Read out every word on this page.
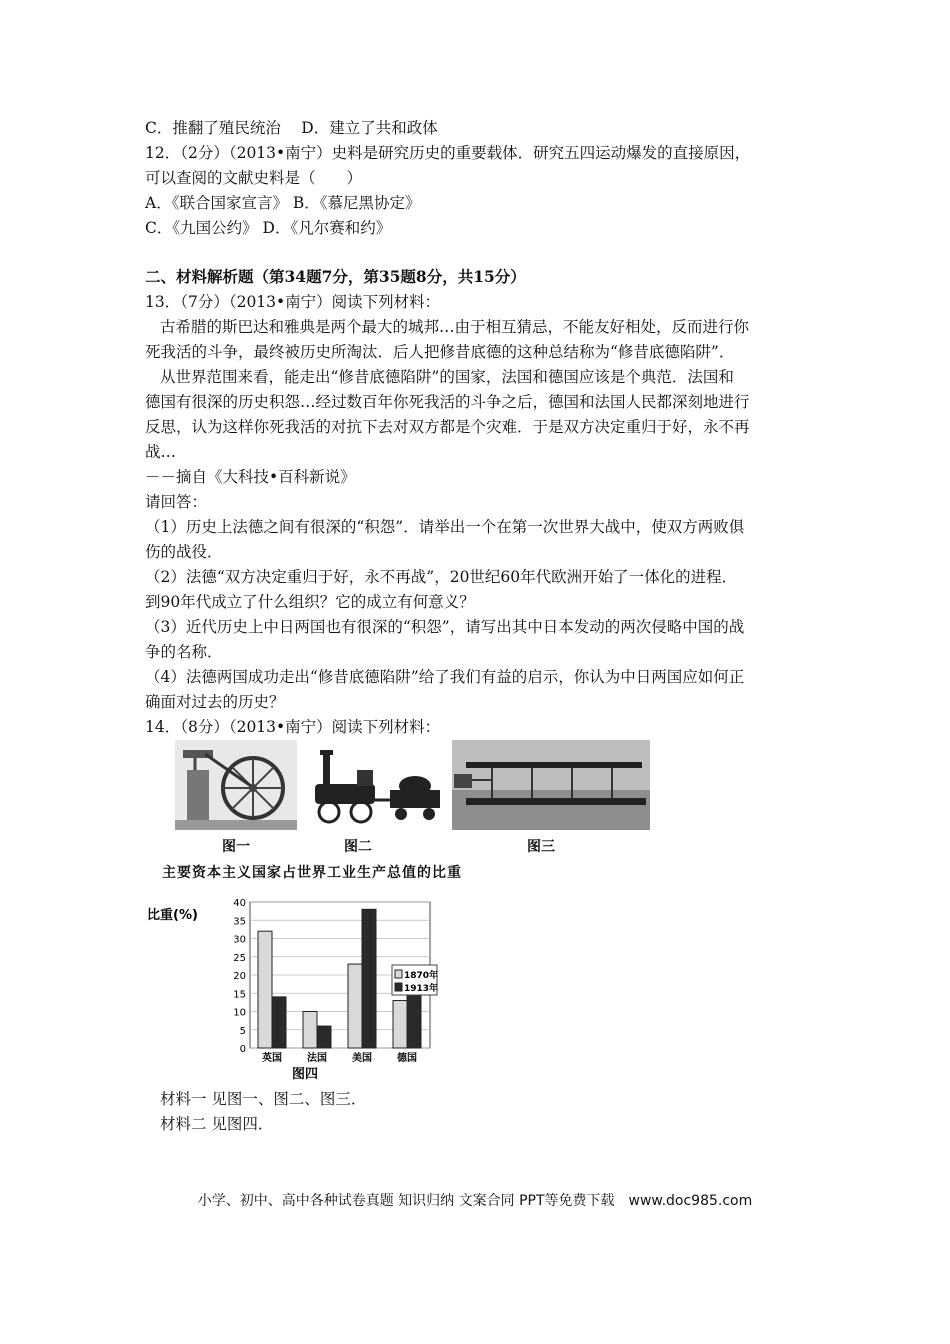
C．推翻了殖民统治　 D．建立了共和政体
12．（2分）（2013•南宁）史料是研究历史的重要载体．研究五四运动爆发的直接原因，
可以查阅的文献史料是（　　）
A．《联合国家宣言》 B．《慕尼黑协定》
C．《九国公约》 D．《凡尔赛和约》
二、材料解析题（第34题7分，第35题8分，共15分）
13．（7分）（2013•南宁）阅读下列材料：
古希腊的斯巴达和雅典是两个最大的城邦…由于相互猜忌，不能友好相处，反而进行你
死我活的斗争，最终被历史所淘汰．后人把修昔底德的这种总结称为“修昔底德陷阱”．
从世界范围来看，能走出“修昔底德陷阱”的国家，法国和德国应该是个典范．法国和
德国有很深的历史积怨…经过数百年你死我活的斗争之后，德国和法国人民都深刻地进行
反思，认为这样你死我活的对抗下去对双方都是个灾难．于是双方决定重归于好，永不再
战…
－－摘自《大科技•百科新说》
请回答：
（1）历史上法德之间有很深的“积怨”．请举出一个在第一次世界大战中，使双方两败俱
伤的战役．
（2）法德“双方决定重归于好，永不再战”，20世纪60年代欧洲开始了一体化的进程．
到90年代成立了什么组织？它的成立有何意义？
（3）近代历史上中日两国也有很深的“积怨”，请写出其中日本发动的两次侵略中国的战
争的名称．
（4）法德两国成功走出“修昔底德陷阱”给了我们有益的启示，你认为中日两国应如何正
确面对过去的历史？
14．（8分）（2013•南宁）阅读下列材料：
图一	图二	图三
主要资本主义国家占世界工业生产总值的比重
比重(%)
0
5
10
15
20
25
30
35
40
英国	法国	美国	德国
图四
1870年
1913年
材料一 见图一、图二、图三．
材料二 见图四．
小学、初中、高中各种试卷真题 知识归纳 文案合同 PPT等免费下载　www.doc985.com
